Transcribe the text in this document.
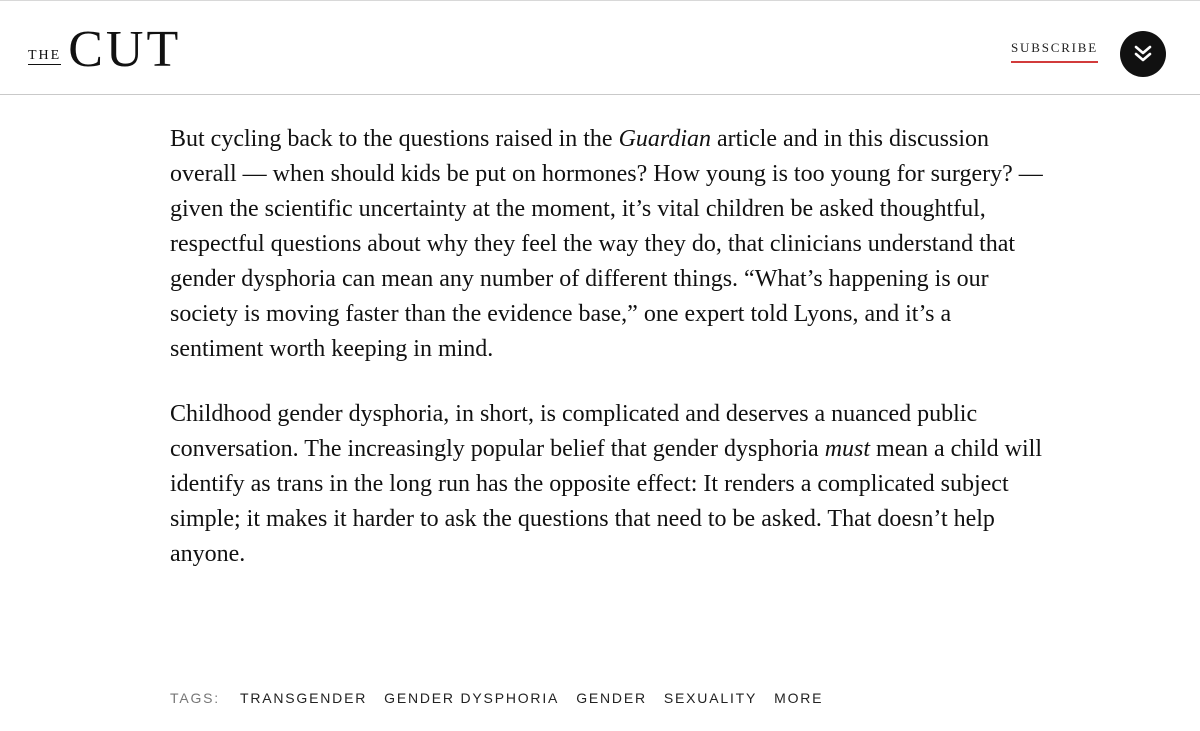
THE CUT	SUBSCRIBE

But cycling back to the questions raised in the Guardian article and in this discussion overall — when should kids be put on hormones? How young is too young for surgery? — given the scientific uncertainty at the moment, it’s vital children be asked thoughtful, respectful questions about why they feel the way they do, that clinicians understand that gender dysphoria can mean any number of different things. “What’s happening is our society is moving faster than the evidence base,” one expert told Lyons, and it’s a sentiment worth keeping in mind.

Childhood gender dysphoria, in short, is complicated and deserves a nuanced public conversation. The increasingly popular belief that gender dysphoria must mean a child will identify as trans in the long run has the opposite effect: It renders a complicated subject simple; it makes it harder to ask the questions that need to be asked. That doesn’t help anyone.

TAGS: TRANSGENDER GENDER DYSPHORIA GENDER SEXUALITY MORE
